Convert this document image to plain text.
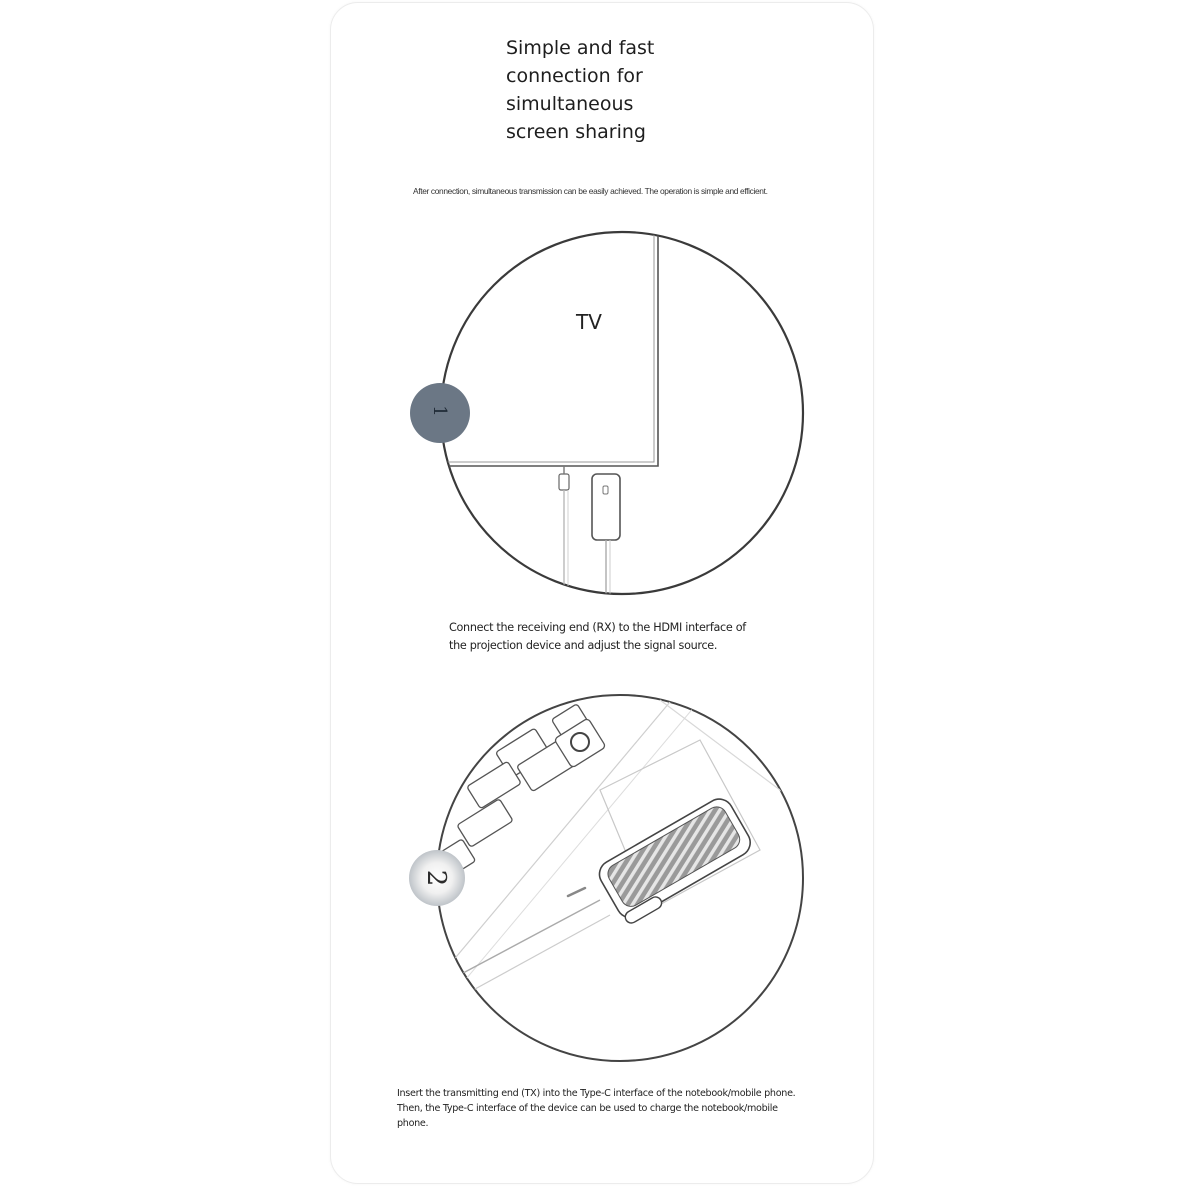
Simple and fast
connection for
simultaneous
screen sharing
After connection, simultaneous transmission can be easily achieved. The operation is simple and efficient.
TV
1
2
Connect the receiving end (RX) to the HDMI interface of
the projection device and adjust the signal source.
Insert the transmitting end (TX) into the Type-C interface of the notebook/mobile phone.
Then, the Type-C interface of the device can be used to charge the notebook/mobile
phone.
